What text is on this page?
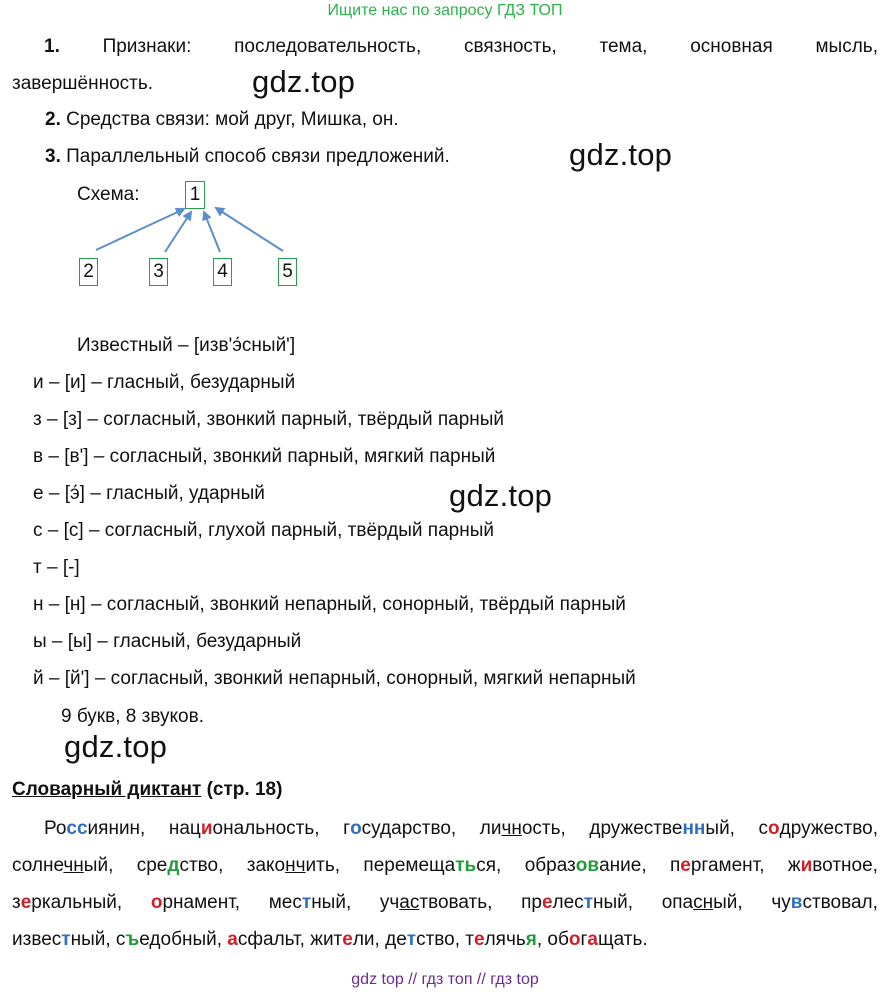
Ищите нас по запросу ГДЗ ТОП
1. Признаки: последовательность, связность, тема, основная мысль,
завершённость.	gdz.top
2. Средства связи: мой друг, Мишка, он.
3. Параллельный способ связи предложений.	gdz.top
Схема:	1
2	3	4	5
Известный – [изв'э́сный']
и – [и] – гласный, безударный
з – [з] – согласный, звонкий парный, твёрдый парный
в – [в'] – согласный, звонкий парный, мягкий парный
е – [э́] – гласный, ударный	gdz.top
с – [с] – согласный, глухой парный, твёрдый парный
т – [-]
н – [н] – согласный, звонкий непарный, сонорный, твёрдый парный
ы – [ы] – гласный, безударный
й – [й'] – согласный, звонкий непарный, сонорный, мягкий непарный
9 букв, 8 звуков.
gdz.top
Словарный диктант (стр. 18)
Россиянин, национальность, государство, личность, дружественный, содружество,
солнечный, средство, закончить, перемещаться, образование, пергамент, животное,
зеркальный, орнамент, местный, участвовать, прелестный, опасный, чувствовал,
известный, съедобный, асфальт, жители, детство, телячья, обогащать.
gdz top // гдз топ // гдз top
